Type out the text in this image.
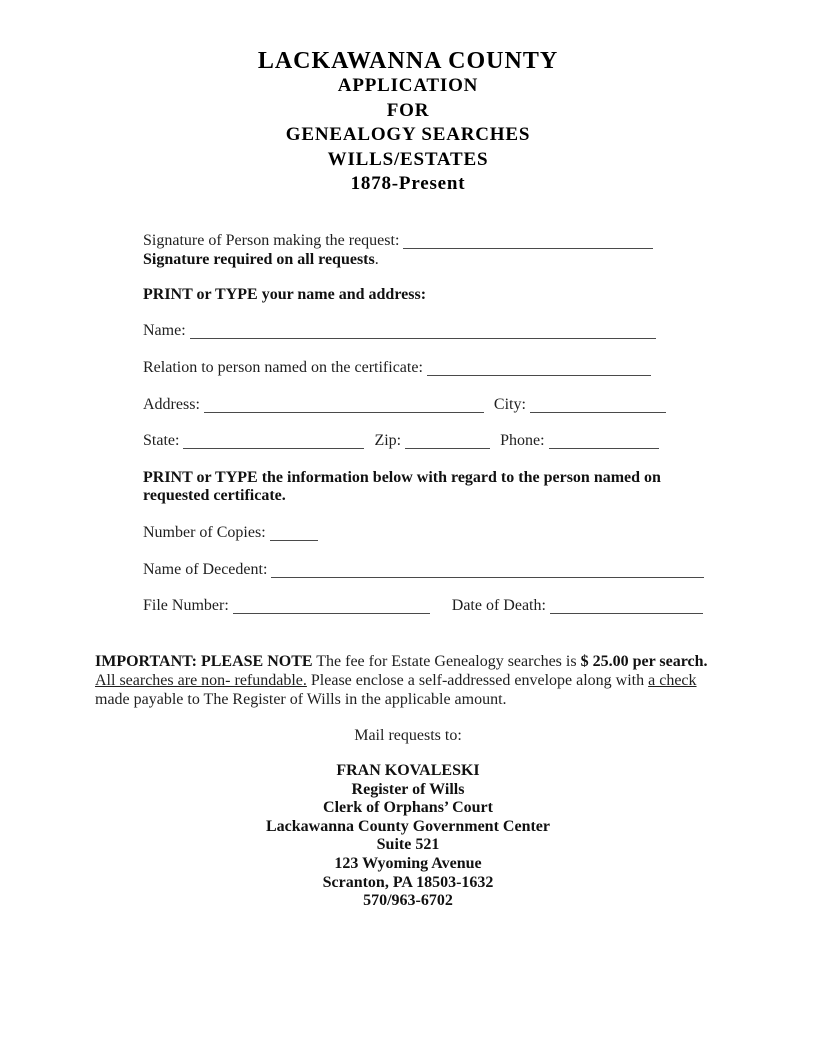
LACKAWANNA COUNTY
APPLICATION
FOR
GENEALOGY SEARCHES
WILLS/ESTATES
1878-Present
Signature of Person making the request:
Signature required on all requests.
PRINT or TYPE your name and address:
Name:
Relation to person named on the certificate:
Address:	City:
State:	Zip:	Phone:
PRINT or TYPE the information below with regard to the person named on
requested certificate.
Number of Copies:
Name of Decedent:
File Number:	Date of Death:
IMPORTANT: PLEASE NOTE The fee for Estate Genealogy searches is $ 25.00 per search.
All searches are non- refundable. Please enclose a self-addressed envelope along with a check
made payable to The Register of Wills in the applicable amount.
Mail requests to:
FRAN KOVALESKI
Register of Wills
Clerk of Orphans’ Court
Lackawanna County Government Center
Suite 521
123 Wyoming Avenue
Scranton, PA 18503-1632
570/963-6702
